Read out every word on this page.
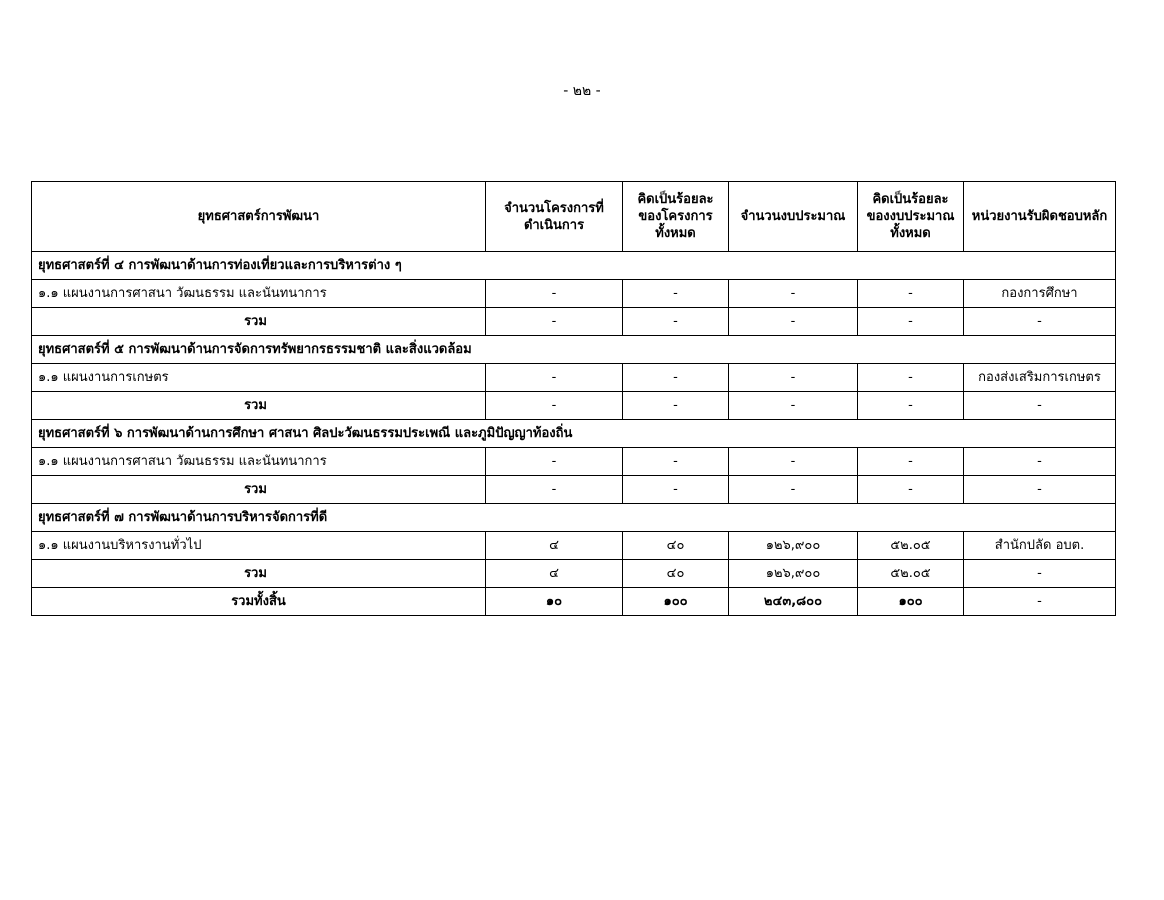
- ๒๒ -
ยุทธศาสตร์การพัฒนา	จำนวนโครงการที่ดำเนินการ	คิดเป็นร้อยละของโครงการทั้งหมด	จำนวนงบประมาณ	คิดเป็นร้อยละของงบประมาณทั้งหมด	หน่วยงานรับผิดชอบหลัก
ยุทธศาสตร์ที่ ๔ การพัฒนาด้านการท่องเที่ยวและการบริหารต่าง ๆ					
๑.๑ แผนงานการศาสนา วัฒนธรรม และนันทนาการ	-	-	-	-	กองการศึกษา
รวม	-	-	-	-	-
ยุทธศาสตร์ที่ ๕ การพัฒนาด้านการจัดการทรัพยากรธรรมชาติ และสิ่งแวดล้อม					
๑.๑ แผนงานการเกษตร	-	-	-	-	กองส่งเสริมการเกษตร
รวม	-	-	-	-	-
ยุทธศาสตร์ที่ ๖ การพัฒนาด้านการศึกษา ศาสนา ศิลปะวัฒนธรรมประเพณี และภูมิปัญญาท้องถิ่น					
๑.๑ แผนงานการศาสนา วัฒนธรรม และนันทนาการ	-	-	-	-	-
รวม	-	-	-	-	-
ยุทธศาสตร์ที่ ๗ การพัฒนาด้านการบริหารจัดการที่ดี					
๑.๑ แผนงานบริหารงานทั่วไป	๔	๔๐	๑๒๖,๙๐๐	๕๒.๐๕	สำนักปลัด อบต.
รวม	๔	๔๐	๑๒๖,๙๐๐	๕๒.๐๕	-
รวมทั้งสิ้น	๑๐	๑๐๐	๒๔๓,๘๐๐	๑๐๐	-
